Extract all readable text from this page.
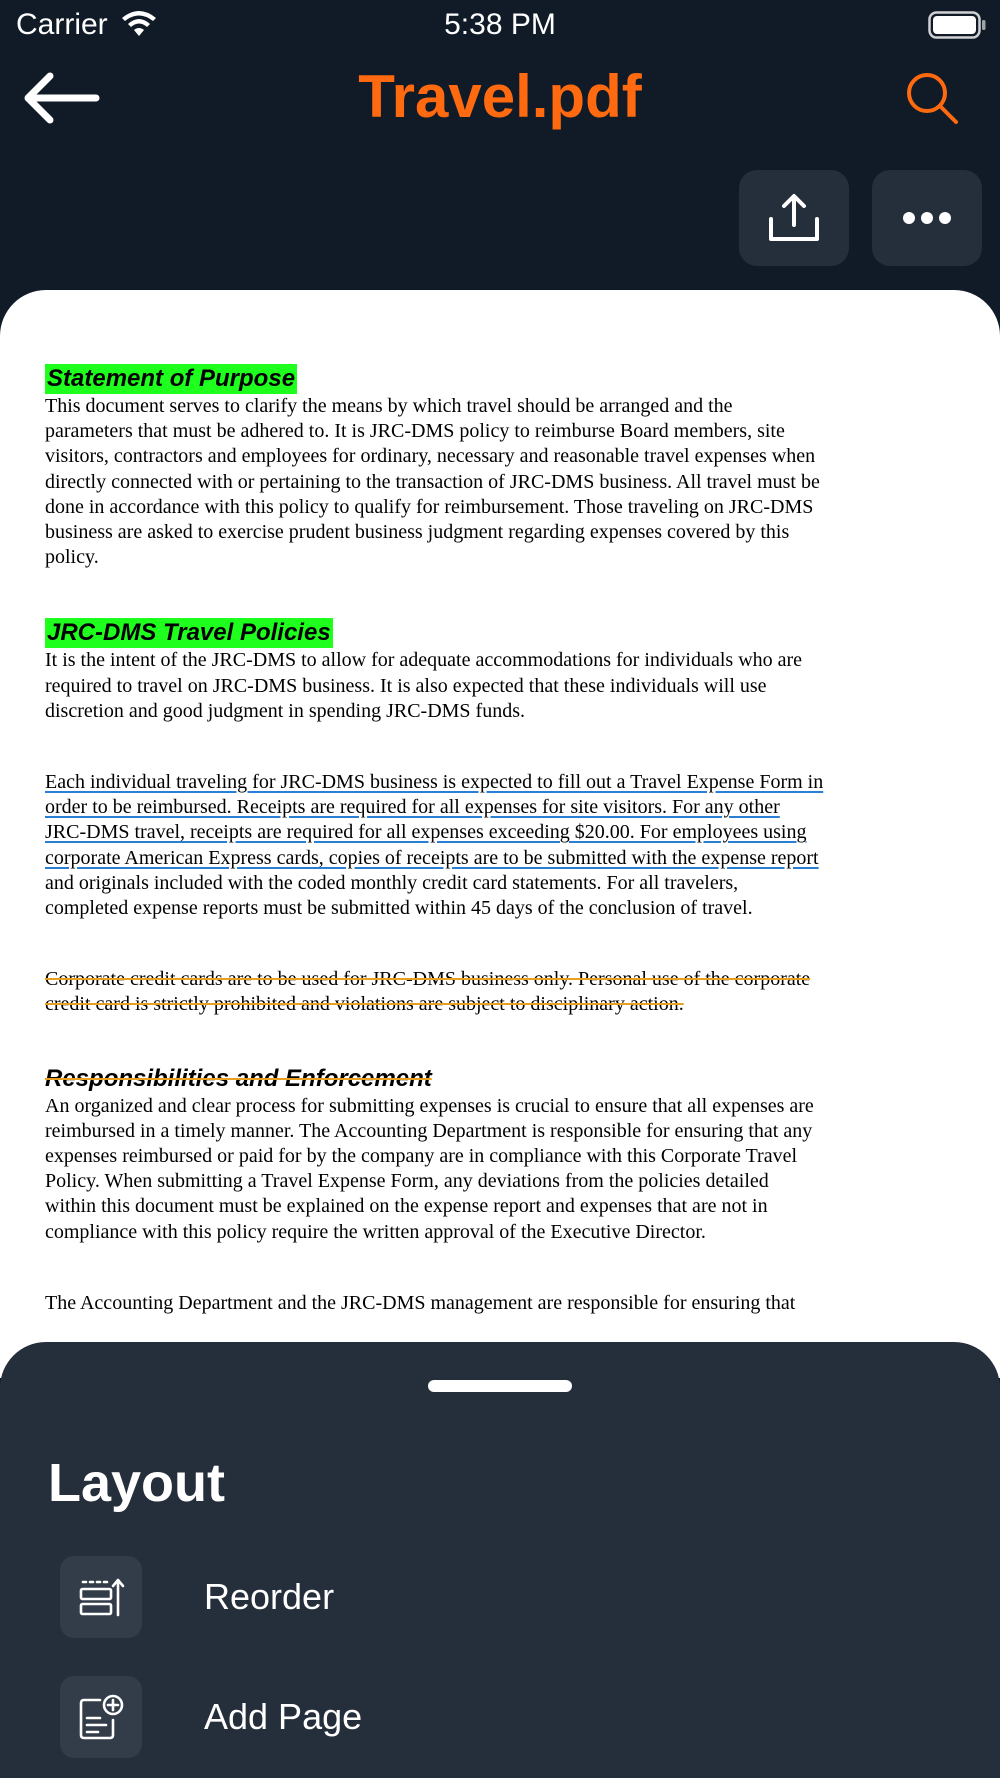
Carrier	5:38 PM
Travel.pdf
Statement of Purpose

This document serves to clarify the means by which travel should be arranged and the
parameters that must be adhered to. It is JRC-DMS policy to reimburse Board members, site
visitors, contractors and employees for ordinary, necessary and reasonable travel expenses when
directly connected with or pertaining to the transaction of JRC-DMS business. All travel must be
done in accordance with this policy to qualify for reimbursement. Those traveling on JRC-DMS
business are asked to exercise prudent business judgment regarding expenses covered by this
policy.

JRC-DMS Travel Policies

It is the intent of the JRC-DMS to allow for adequate accommodations for individuals who are
required to travel on JRC-DMS business. It is also expected that these individuals will use
discretion and good judgment in spending JRC-DMS funds.

Each individual traveling for JRC-DMS business is expected to fill out a Travel Expense Form in
order to be reimbursed. Receipts are required for all expenses for site visitors. For any other
JRC-DMS travel, receipts are required for all expenses exceeding $20.00. For employees using
corporate American Express cards, copies of receipts are to be submitted with the expense report
and originals included with the coded monthly credit card statements. For all travelers,
completed expense reports must be submitted within 45 days of the conclusion of travel.

Corporate credit cards are to be used for JRC-DMS business only. Personal use of the corporate
credit card is strictly prohibited and violations are subject to disciplinary action.

Responsibilities and Enforcement

An organized and clear process for submitting expenses is crucial to ensure that all expenses are
reimbursed in a timely manner. The Accounting Department is responsible for ensuring that any
expenses reimbursed or paid for by the company are in compliance with this Corporate Travel
Policy. When submitting a Travel Expense Form, any deviations from the policies detailed
within this document must be explained on the expense report and expenses that are not in
compliance with this policy require the written approval of the Executive Director.

The Accounting Department and the JRC-DMS management are responsible for ensuring that

Layout
Reorder
Add Page
